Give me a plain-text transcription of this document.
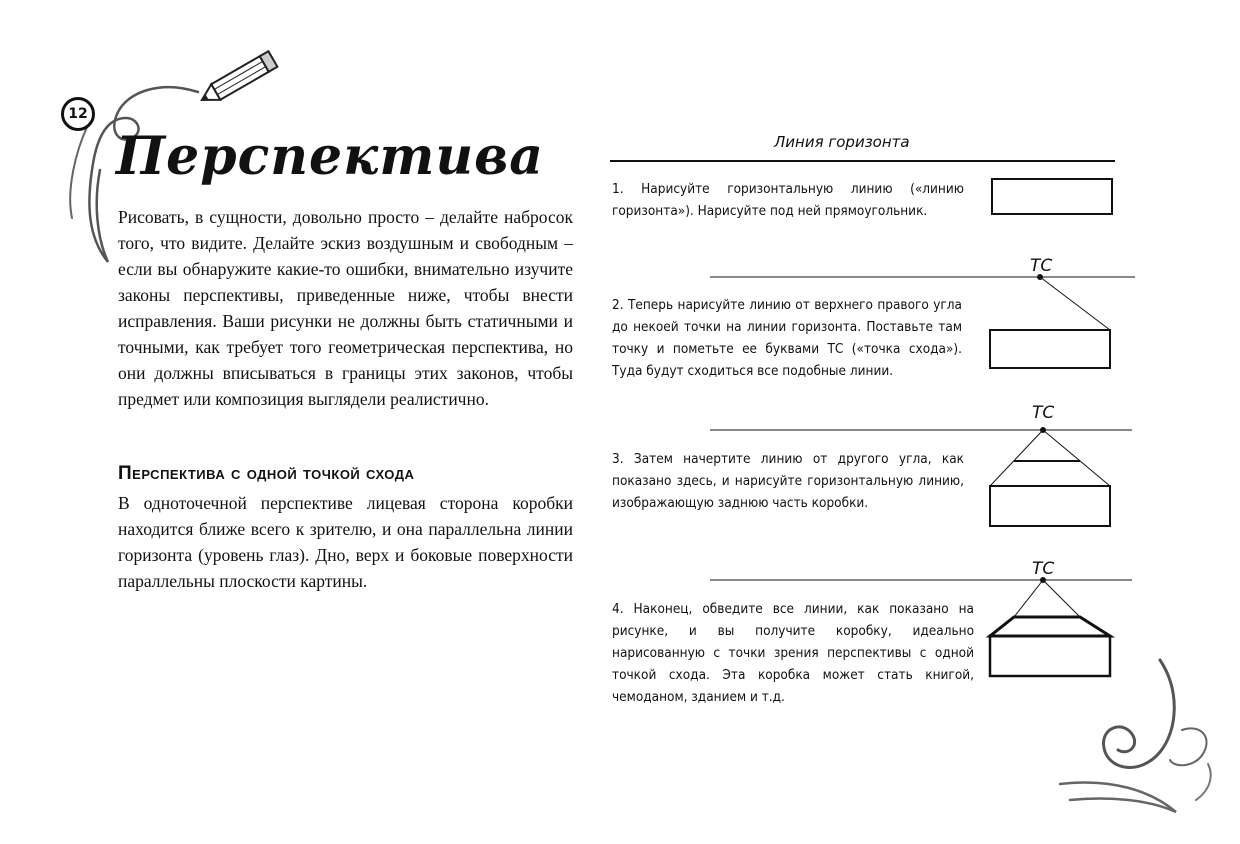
12
Перспектива
Рисовать, в сущности, довольно просто – делайте набросок того, что видите. Делайте эскиз воздушным и свободным – если вы обнаружите какие-то ошибки, внимательно изучите законы перспективы, приведенные ниже, чтобы внести исправления. Ваши рисунки не должны быть статичными и точными, как требует того геометрическая перспектива, но они должны вписываться в границы этих законов, чтобы предмет или композиция выглядели реалистично.
Перспектива с одной точкой схода
В одноточечной перспективе лицевая сторона коробки находится ближе всего к зрителю, и она параллельна линии горизонта (уровень глаз). Дно, верх и боковые поверхности параллельны плоскости картины.
Линия горизонта
1. Нарисуйте горизонтальную линию («линию горизонта»). Нарисуйте под ней прямоугольник.
2. Теперь нарисуйте линию от верхнего правого угла до некоей точки на линии горизонта. Поставьте там точку и пометьте ее буквами ТС («точка схода»). Туда будут сходиться все подобные линии.
3. Затем начертите линию от другого угла, как показано здесь, и нарисуйте горизонтальную линию, изображающую заднюю часть коробки.
4. Наконец, обведите все линии, как показано на рисунке, и вы получите коробку, идеально нарисованную с точки зрения перспективы с одной точкой схода. Эта коробка может стать книгой, чемоданом, зданием и т.д.
ТС
ТС
ТС
